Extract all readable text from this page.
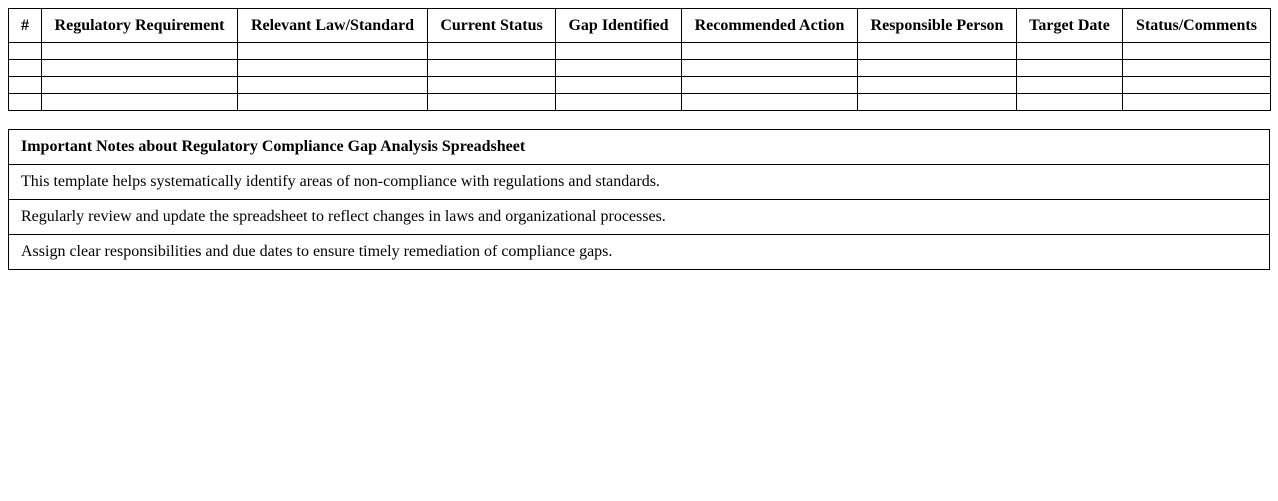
#	Regulatory Requirement	Relevant Law/Standard	Current Status	Gap Identified	Recommended Action	Responsible Person	Target Date	Status/Comments

Important Notes about Regulatory Compliance Gap Analysis Spreadsheet
This template helps systematically identify areas of non-compliance with regulations and standards.
Regularly review and update the spreadsheet to reflect changes in laws and organizational processes.
Assign clear responsibilities and due dates to ensure timely remediation of compliance gaps.
